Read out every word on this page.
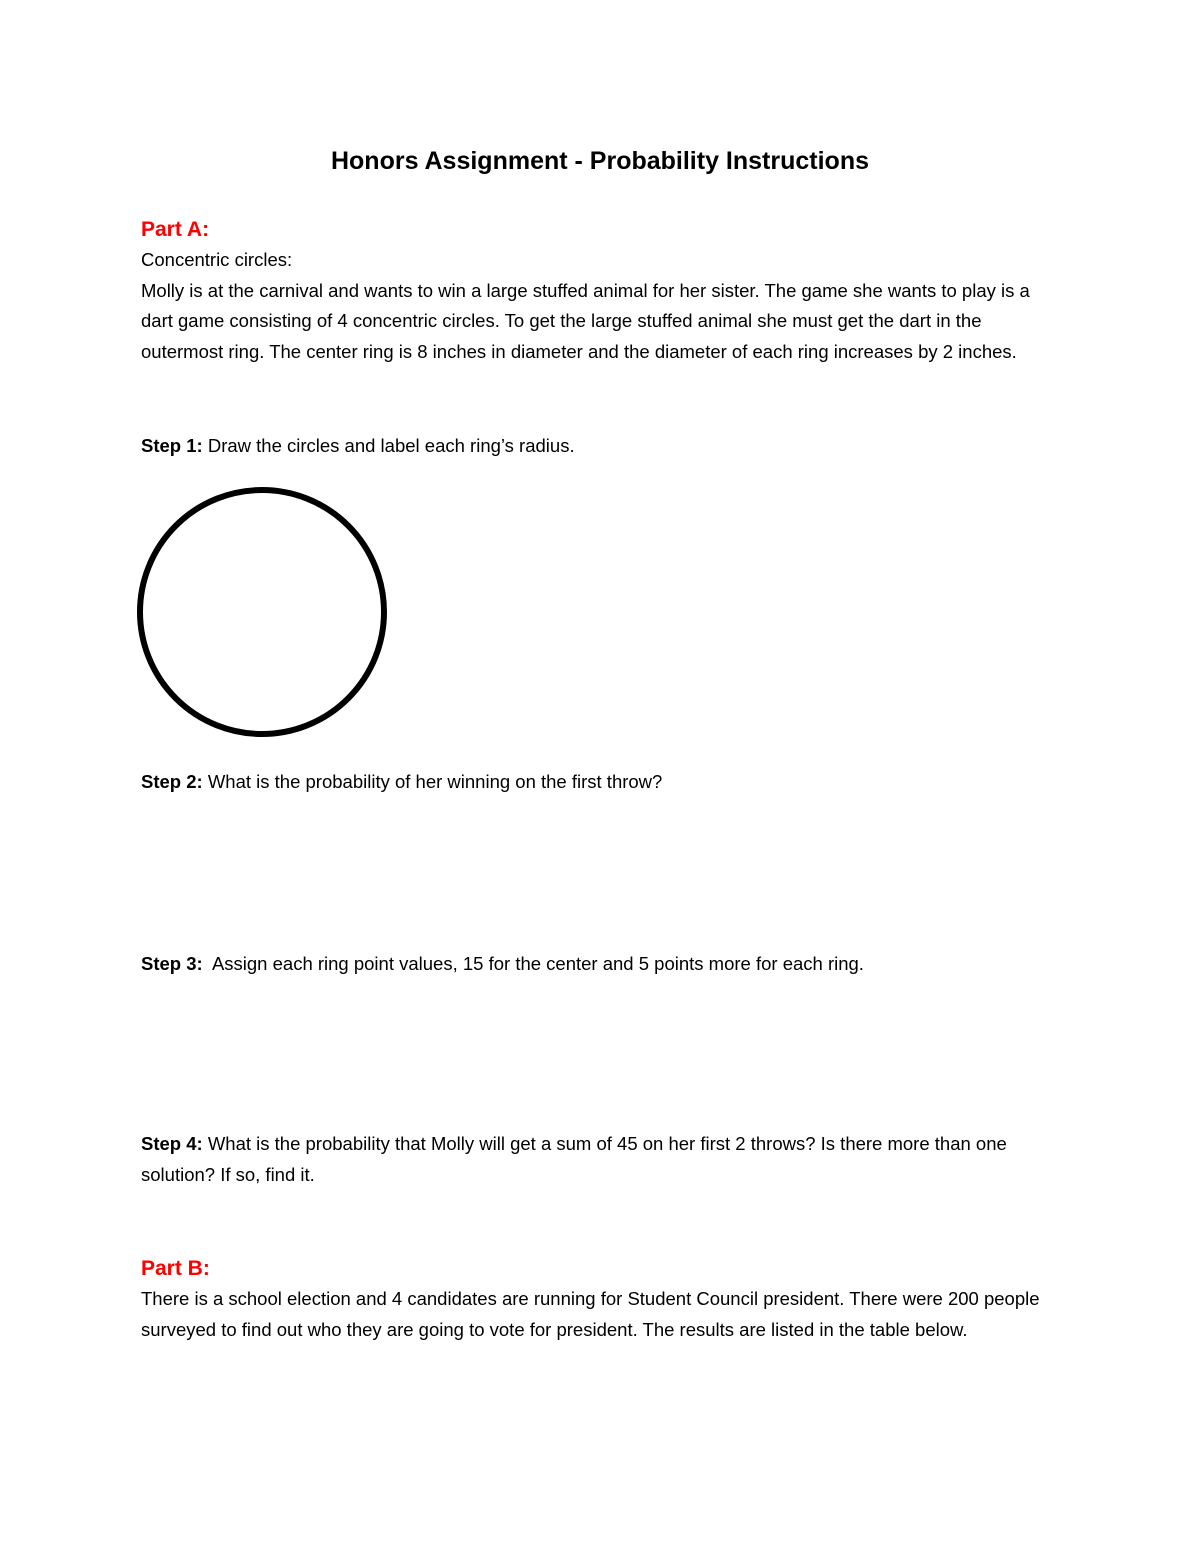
Honors Assignment - Probability Instructions
Part A:
Concentric circles:
Molly is at the carnival and wants to win a large stuffed animal for her sister. The game she wants to play is a dart game consisting of 4 concentric circles. To get the large stuffed animal she must get the dart in the outermost ring. The center ring is 8 inches in diameter and the diameter of each ring increases by 2 inches.
Step 1: Draw the circles and label each ring’s radius.
Step 2: What is the probability of her winning on the first throw?
Step 3:  Assign each ring point values, 15 for the center and 5 points more for each ring.
Step 4: What is the probability that Molly will get a sum of 45 on her first 2 throws? Is there more than one solution? If so, find it.
Part B:
There is a school election and 4 candidates are running for Student Council president. There were 200 people surveyed to find out who they are going to vote for president. The results are listed in the table below.
